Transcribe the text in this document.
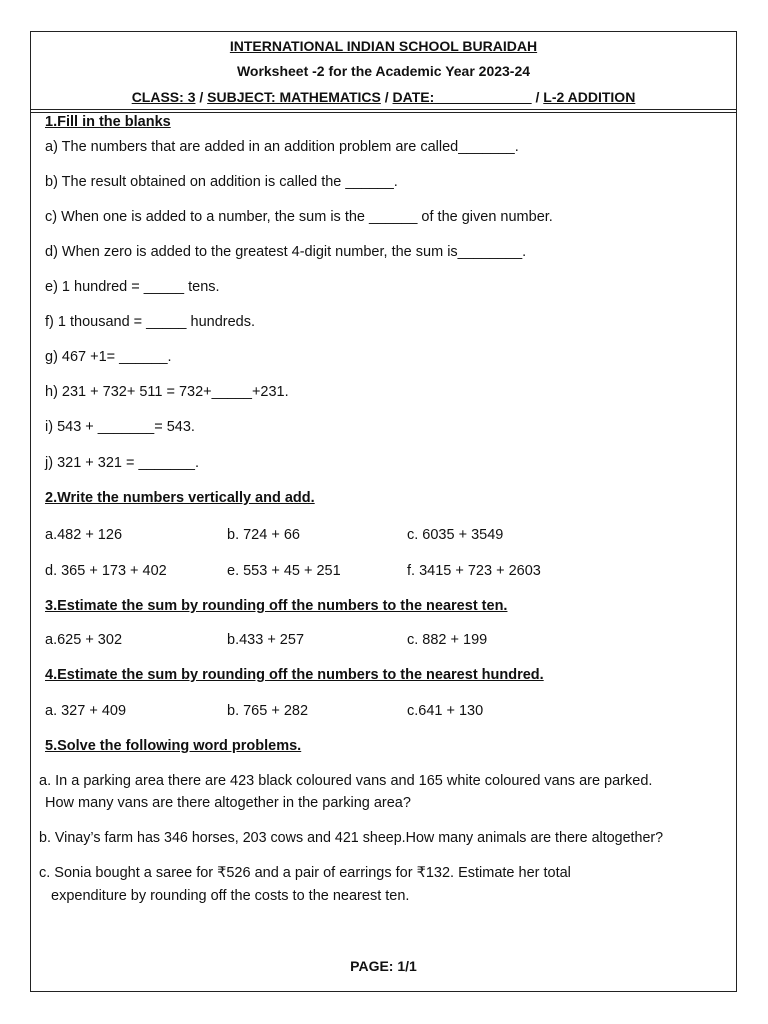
INTERNATIONAL INDIAN SCHOOL BURAIDAH
Worksheet -2 for the Academic Year 2023-24
CLASS: 3 / SUBJECT: MATHEMATICS / DATE: ____________ / L-2 ADDITION
1.Fill in the blanks
a) The numbers that are added in an addition problem are called_______.
b) The result obtained on addition is called the ______.
c) When one is added to a number, the sum is the ______ of the given number.
d) When zero is added to the greatest 4-digit number, the sum is________.
e) 1 hundred = _____ tens.
f) 1 thousand = _____ hundreds.
g) 467 +1= ______.
h) 231 + 732+ 511 = 732+_____+231.
i) 543 + _______= 543.
j) 321 + 321 = _______.
2.Write the numbers vertically and add.
a.482 + 126	b. 724 + 66	c. 6035 + 3549
d. 365 + 173 + 402	e. 553 + 45 + 251	f. 3415 + 723 + 2603
3.Estimate the sum by rounding off the numbers to the nearest ten.
a.625 + 302	b.433 + 257	c. 882 + 199
4.Estimate the sum by rounding off the numbers to the nearest hundred.
a. 327 + 409	b. 765 + 282	c.641 + 130
5.Solve the following word problems.
a. In a parking area there are 423 black coloured vans and 165 white coloured vans are parked.
How many vans are there altogether in the parking area?
b. Vinay’s farm has 346 horses, 203 cows and 421 sheep.How many animals are there altogether?
c. Sonia bought a saree for ₹526 and a pair of earrings for ₹132. Estimate her total
expenditure by rounding off the costs to the nearest ten.
PAGE: 1/1
